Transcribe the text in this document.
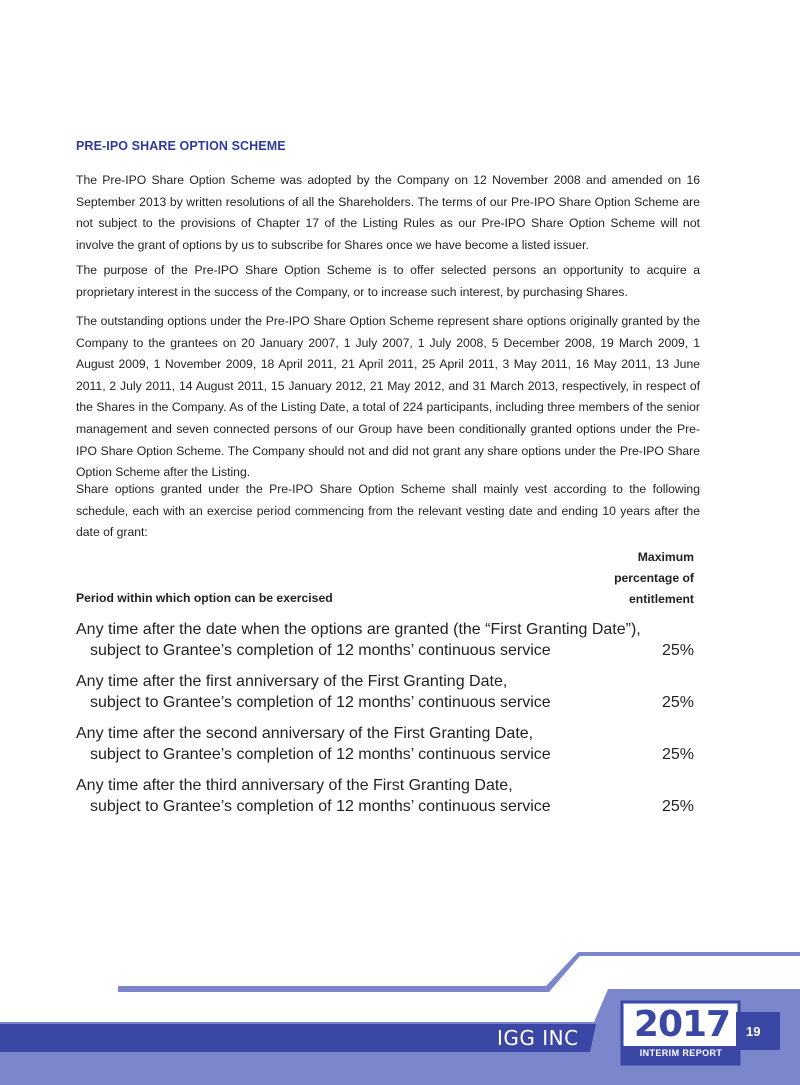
PRE-IPO SHARE OPTION SCHEME

The Pre-IPO Share Option Scheme was adopted by the Company on 12 November 2008 and amended on 16 September 2013 by written resolutions of all the Shareholders. The terms of our Pre-IPO Share Option Scheme are not subject to the provisions of Chapter 17 of the Listing Rules as our Pre-IPO Share Option Scheme will not involve the grant of options by us to subscribe for Shares once we have become a listed issuer.

The purpose of the Pre-IPO Share Option Scheme is to offer selected persons an opportunity to acquire a proprietary interest in the success of the Company, or to increase such interest, by purchasing Shares.

The outstanding options under the Pre-IPO Share Option Scheme represent share options originally granted by the Company to the grantees on 20 January 2007, 1 July 2007, 1 July 2008, 5 December 2008, 19 March 2009, 1 August 2009, 1 November 2009, 18 April 2011, 21 April 2011, 25 April 2011, 3 May 2011, 16 May 2011, 13 June 2011, 2 July 2011, 14 August 2011, 15 January 2012, 21 May 2012, and 31 March 2013, respectively, in respect of the Shares in the Company. As of the Listing Date, a total of 224 participants, including three members of the senior management and seven connected persons of our Group have been conditionally granted options under the Pre-IPO Share Option Scheme. The Company should not and did not grant any share options under the Pre-IPO Share Option Scheme after the Listing.

Share options granted under the Pre-IPO Share Option Scheme shall mainly vest according to the following schedule, each with an exercise period commencing from the relevant vesting date and ending 10 years after the date of grant:

Period within which option can be exercised
Maximum
percentage of
entitlement
Any time after the date when the options are granted (the “First Granting Date”),
subject to Grantee’s completion of 12 months’ continuous service	25%
Any time after the first anniversary of the First Granting Date,
subject to Grantee’s completion of 12 months’ continuous service	25%
Any time after the second anniversary of the First Granting Date,
subject to Grantee’s completion of 12 months’ continuous service	25%
Any time after the third anniversary of the First Granting Date,
subject to Grantee’s completion of 12 months’ continuous service	25%
IGG INC 2017
INTERIM REPORT
19
